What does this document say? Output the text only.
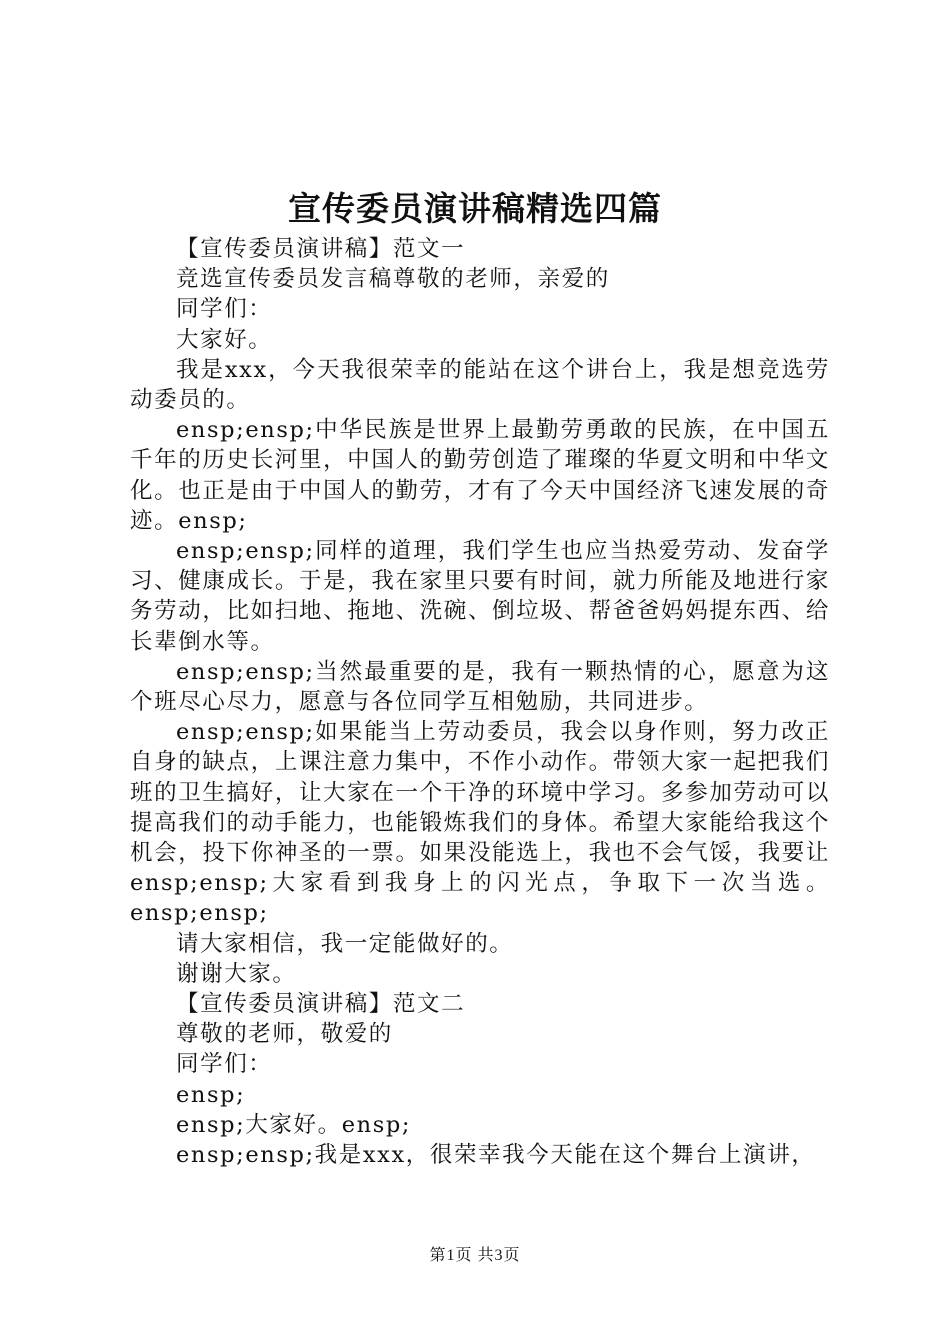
宣传委员演讲稿精选四篇

【宣传委员演讲稿】范文一

竞选宣传委员发言稿尊敬的老师，亲爱的

同学们：

大家好。

我是xxx，今天我很荣幸的能站在这个讲台上，我是想竞选劳动委员的。

ensp;ensp;中华民族是世界上最勤劳勇敢的民族，在中国五千年的历史长河里，中国人的勤劳创造了璀璨的华夏文明和中华文化。也正是由于中国人的勤劳，才有了今天中国经济飞速发展的奇迹。ensp;

ensp;ensp;同样的道理，我们学生也应当热爱劳动、发奋学习、健康成长。于是，我在家里只要有时间，就力所能及地进行家务劳动，比如扫地、拖地、洗碗、倒垃圾、帮爸爸妈妈提东西、给长辈倒水等。

ensp;ensp;当然最重要的是，我有一颗热情的心，愿意为这个班尽心尽力，愿意与各位同学互相勉励，共同进步。

ensp;ensp;如果能当上劳动委员，我会以身作则，努力改正自身的缺点，上课注意力集中，不作小动作。带领大家一起把我们班的卫生搞好，让大家在一个干净的环境中学习。多参加劳动可以提高我们的动手能力，也能锻炼我们的身体。希望大家能给我这个机会，投下你神圣的一票。如果没能选上，我也不会气馁，我要让ensp;ensp;大家看到我身上的闪光点，争取下一次当选。ensp;ensp;

请大家相信，我一定能做好的。

谢谢大家。

【宣传委员演讲稿】范文二

尊敬的老师，敬爱的

同学们：

ensp;

ensp;大家好。ensp;

ensp;ensp;我是xxx，很荣幸我今天能在这个舞台上演讲，

第1页 共3页
